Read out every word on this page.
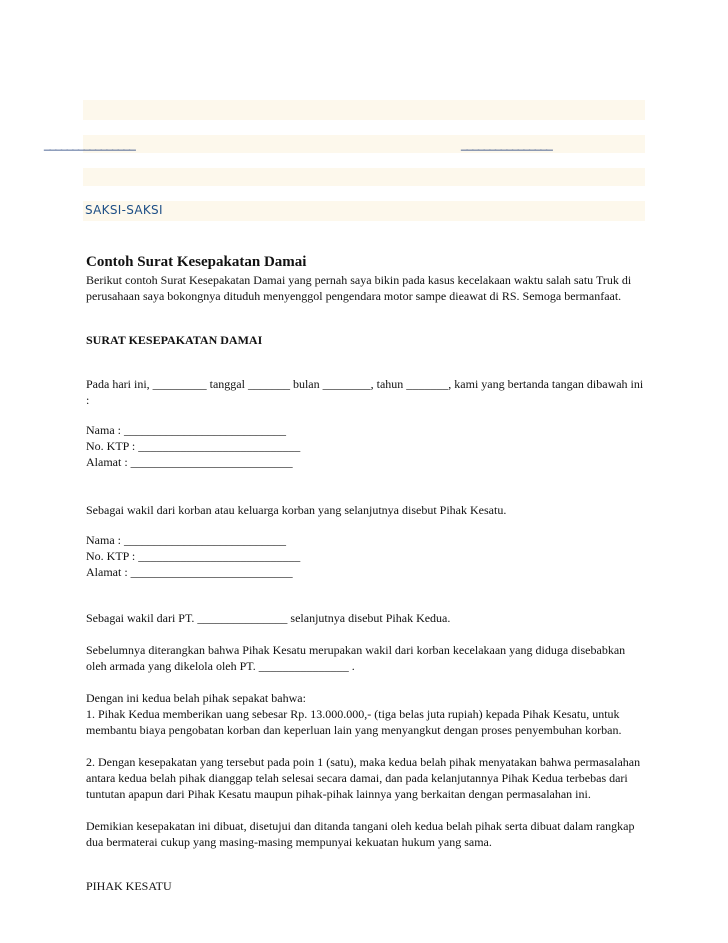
________________	________________
SAKSI-SAKSI
Contoh Surat Kesepakatan Damai

Berikut contoh Surat Kesepakatan Damai yang pernah saya bikin pada kasus kecelakaan waktu salah satu Truk di perusahaan saya bokongnya dituduh menyenggol pengendara motor sampe dieawat di RS. Semoga bermanfaat.

SURAT KESEPAKATAN DAMAI

Pada hari ini, _________ tanggal _______ bulan ________, tahun _______, kami yang bertanda tangan dibawah ini :

Nama : ___________________________

No. KTP : ___________________________

Alamat : ___________________________

Sebagai wakil dari korban atau keluarga korban yang selanjutnya disebut Pihak Kesatu.

Nama : ___________________________

No. KTP : ___________________________

Alamat : ___________________________

Sebagai wakil dari PT. _______________ selanjutnya disebut Pihak Kedua.

Sebelumnya diterangkan bahwa Pihak Kesatu merupakan wakil dari korban kecelakaan yang diduga disebabkan oleh armada yang dikelola oleh PT. _______________ .

Dengan ini kedua belah pihak sepakat bahwa:

1. Pihak Kedua memberikan uang sebesar Rp. 13.000.000,- (tiga belas juta rupiah) kepada Pihak Kesatu, untuk membantu biaya pengobatan korban dan keperluan lain yang menyangkut dengan proses penyembuhan korban.

2. Dengan kesepakatan yang tersebut pada poin 1 (satu), maka kedua belah pihak menyatakan bahwa permasalahan antara kedua belah pihak dianggap telah selesai secara damai, dan pada kelanjutannya Pihak Kedua terbebas dari tuntutan apapun dari Pihak Kesatu maupun pihak-pihak lainnya yang berkaitan dengan permasalahan ini.

Demikian kesepakatan ini dibuat, disetujui dan ditanda tangani oleh kedua belah pihak serta dibuat dalam rangkap dua bermaterai cukup yang masing-masing mempunyai kekuatan hukum yang sama.

PIHAK KESATU
